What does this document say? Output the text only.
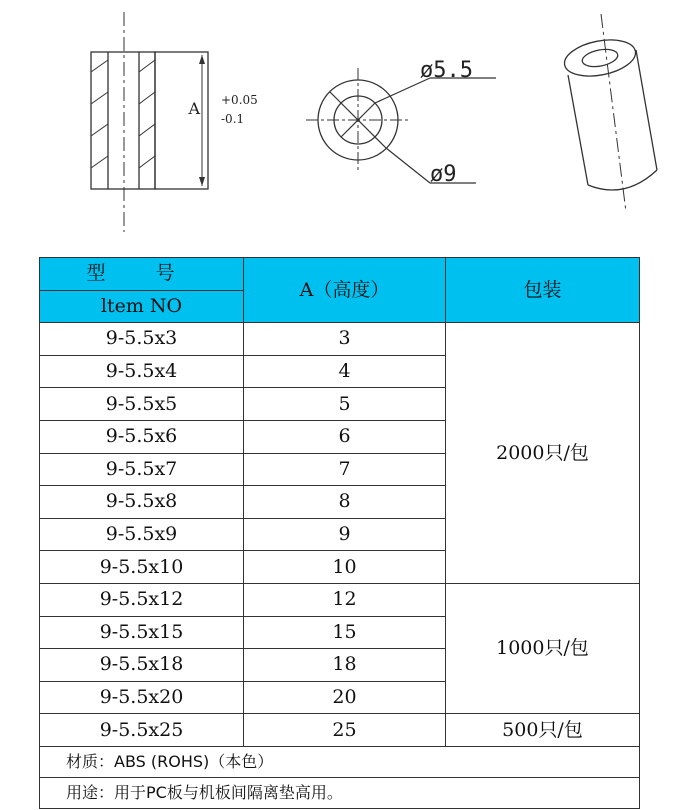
A +0.05
-0.1
ø5.5
ø9
型 号	A（高度）	包装
ltem NO		
9-5.5x3	3	2000只/包
9-5.5x4	4	
9-5.5x5	5	
9-5.5x6	6	
9-5.5x7	7	
9-5.5x8	8	
9-5.5x9	9	
9-5.5x10	10	
9-5.5x12	12	1000只/包
9-5.5x15	15	
9-5.5x18	18	
9-5.5x20	20	
9-5.5x25	25	500只/包
材质：ABS (ROHS)（本色）		
用途：用于PC板与机板间隔离垫高用。		
